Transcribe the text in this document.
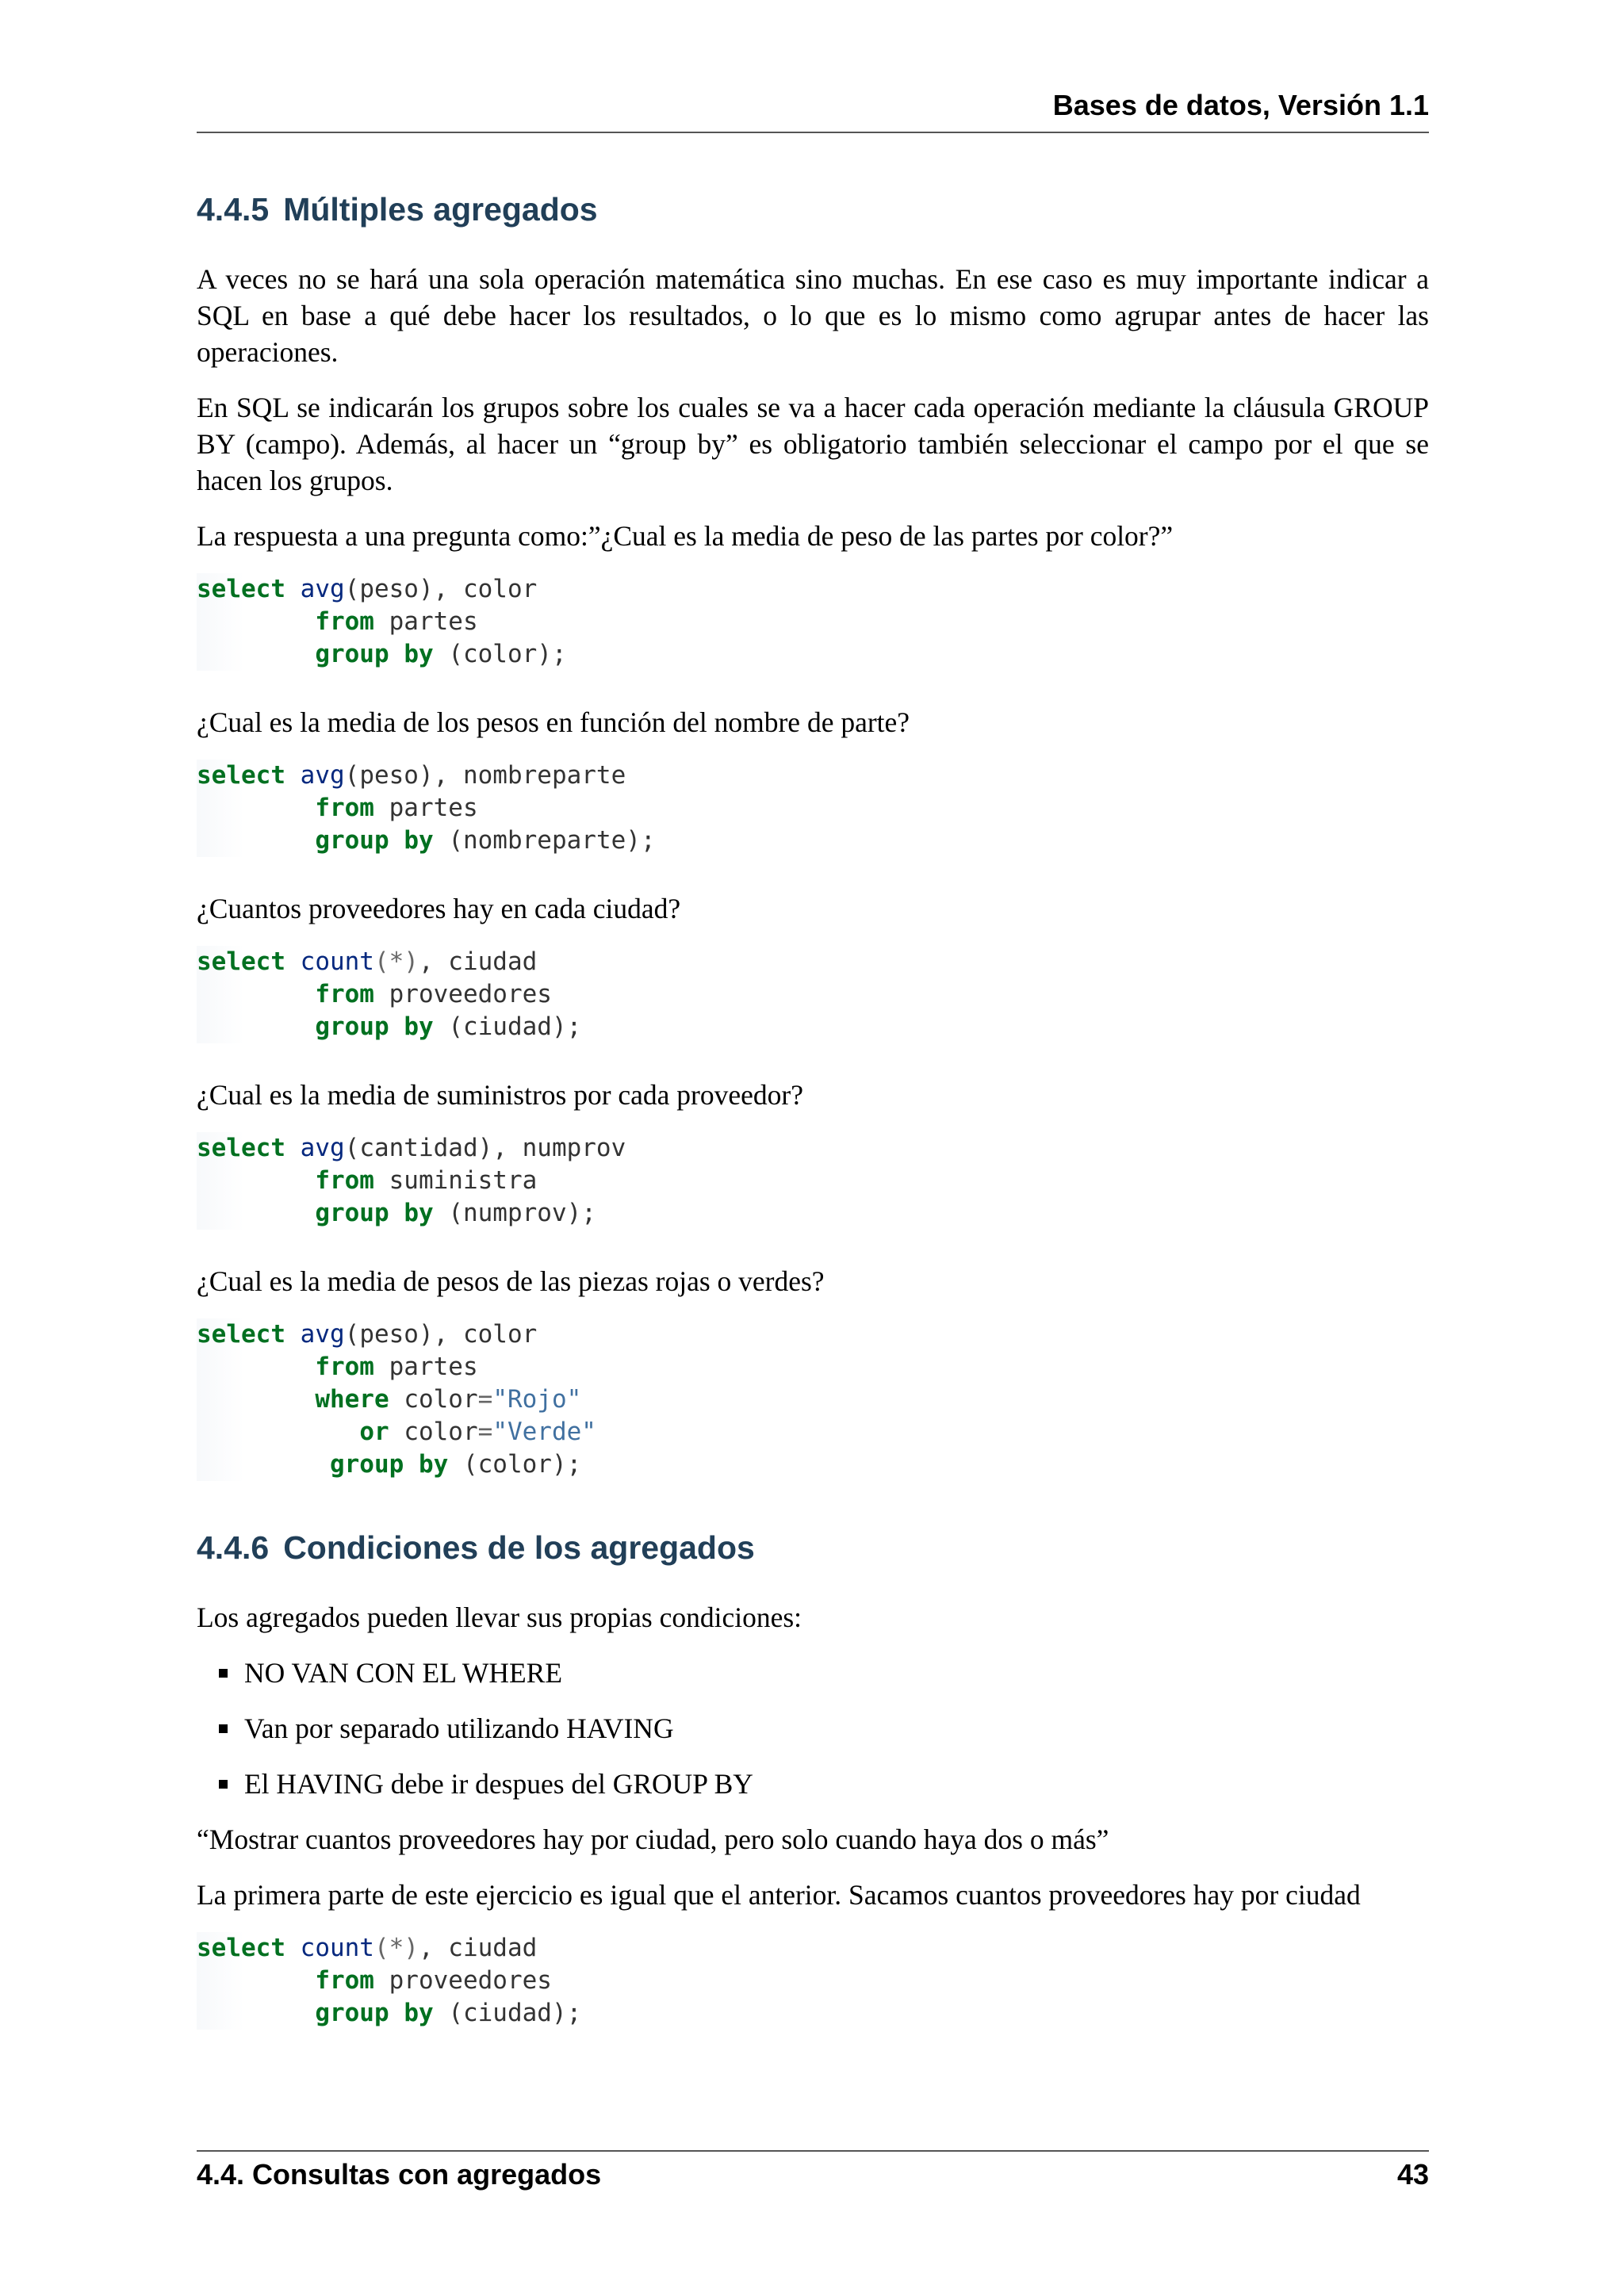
Bases de datos, Versión 1.1
4.4.5 Múltiples agregados

A veces no se hará una sola operación matemática sino muchas. En ese caso es muy importante indicar a SQL en base a qué debe hacer los resultados, o lo que es lo mismo como agrupar antes de hacer las operaciones.

En SQL se indicarán los grupos sobre los cuales se va a hacer cada operación mediante la cláusula GROUP BY (campo). Además, al hacer un “group by” es obligatorio también seleccionar el campo por el que se hacen los grupos.

La respuesta a una pregunta como:”¿Cual es la media de peso de las partes por color?”

select avg(peso), color
from partes
group by (color);

¿Cual es la media de los pesos en función del nombre de parte?

select avg(peso), nombreparte
from partes
group by (nombreparte);

¿Cuantos proveedores hay en cada ciudad?

select count(*), ciudad
from proveedores
group by (ciudad);

¿Cual es la media de suministros por cada proveedor?

select avg(cantidad), numprov
from suministra
group by (numprov);

¿Cual es la media de pesos de las piezas rojas o verdes?

select avg(peso), color
from partes
where color="Rojo"
or color="Verde"
group by (color);
4.4.6 Condiciones de los agregados

Los agregados pueden llevar sus propias condiciones:

NO VAN CON EL WHERE
Van por separado utilizando HAVING
El HAVING debe ir despues del GROUP BY

“Mostrar cuantos proveedores hay por ciudad, pero solo cuando haya dos o más”

La primera parte de este ejercicio es igual que el anterior. Sacamos cuantos proveedores hay por ciudad

select count(*), ciudad
from proveedores
group by (ciudad);
4.4. Consultas con agregados	43
